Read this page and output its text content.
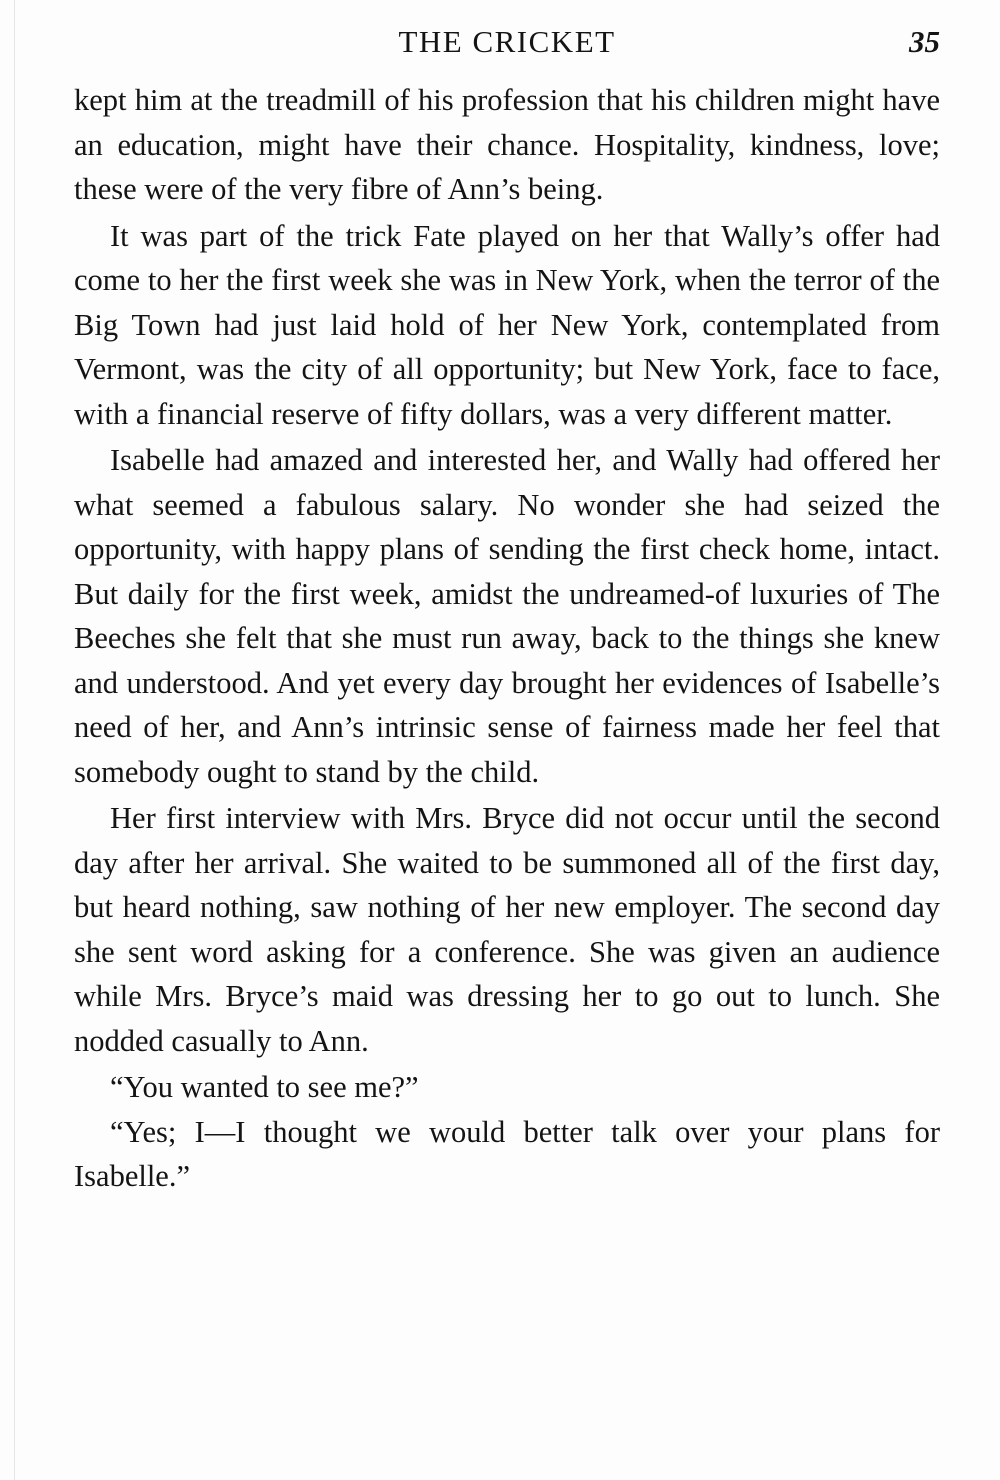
THE CRICKET	35

kept him at the treadmill of his profession that his children might have an education, might have their chance. Hospitality, kindness, love; these were of the very fibre of Ann’s being.

It was part of the trick Fate played on her that Wally’s offer had come to her the first week she was in New York, when the terror of the Big Town had just laid hold of her New York, contemplated from Vermont, was the city of all opportunity; but New York, face to face, with a financial reserve of fifty dollars, was a very different matter.

Isabelle had amazed and interested her, and Wally had offered her what seemed a fabulous salary. No wonder she had seized the opportunity, with happy plans of sending the first check home, intact. But daily for the first week, amidst the undreamed-of luxuries of The Beeches she felt that she must run away, back to the things she knew and understood. And yet every day brought her evidences of Isabelle’s need of her, and Ann’s intrinsic sense of fairness made her feel that somebody ought to stand by the child.

Her first interview with Mrs. Bryce did not occur until the second day after her arrival. She waited to be summoned all of the first day, but heard nothing, saw nothing of her new employer. The second day she sent word asking for a conference. She was given an audience while Mrs. Bryce’s maid was dressing her to go out to lunch. She nodded casually to Ann.

“You wanted to see me?”

“Yes; I—I thought we would better talk over your plans for Isabelle.”
